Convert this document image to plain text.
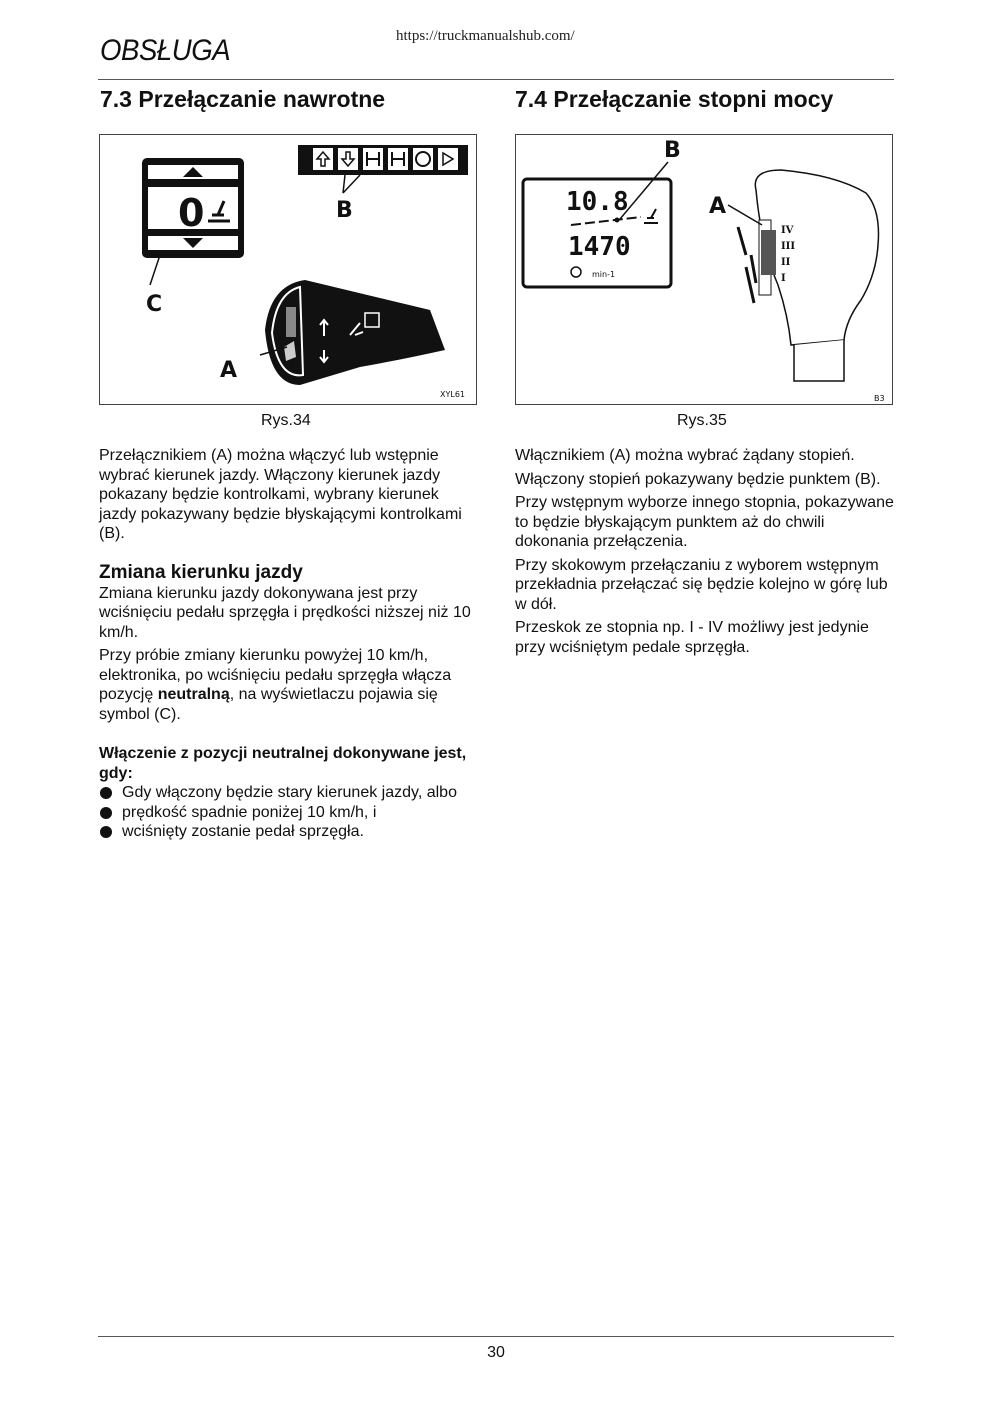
https://truckmanualshub.com/
OBSŁUGA
7.3 Przełączanie nawrotne	7.4 Przełączanie stopni mocy
0
C
B
A
XYL61
Rys.34
10.8
1470
min-1
B
IV
III
II
I
A
B3
Rys.35

Przełącznikiem (A) można włączyć lub wstępnie wybrać kierunek jazdy. Włączony kierunek jazdy pokazany będzie kontrolkami, wybrany kierunek jazdy pokazywany będzie błyskającymi kontrolkami (B).

Zmiana kierunku jazdy

Zmiana kierunku jazdy dokonywana jest przy wciśnięciu pedału sprzęgła i prędkości niższej niż 10 km/h.

Przy próbie zmiany kierunku powyżej 10 km/h, elektronika, po wciśnięciu pedału sprzęgła włącza pozycję neutralną, na wyświetlaczu pojawia się symbol (C).

Włączenie z pozycji neutralnej dokonywane jest, gdy:
Gdy włączony będzie stary kierunek jazdy, albo
prędkość spadnie poniżej 10 km/h, i
wciśnięty zostanie pedał sprzęgła.

Włącznikiem (A) można wybrać żądany stopień.

Włączony stopień pokazywany będzie punktem (B).

Przy wstępnym wyborze innego stopnia, pokazywane to będzie błyskającym punktem aż do chwili dokonania przełączenia.

Przy skokowym przełączaniu z wyborem wstępnym przekładnia przełączać się będzie kolejno w górę lub w dół.

Przeskok ze stopnia np. I - IV możliwy jest jedynie przy wciśniętym pedale sprzęgła.

30
